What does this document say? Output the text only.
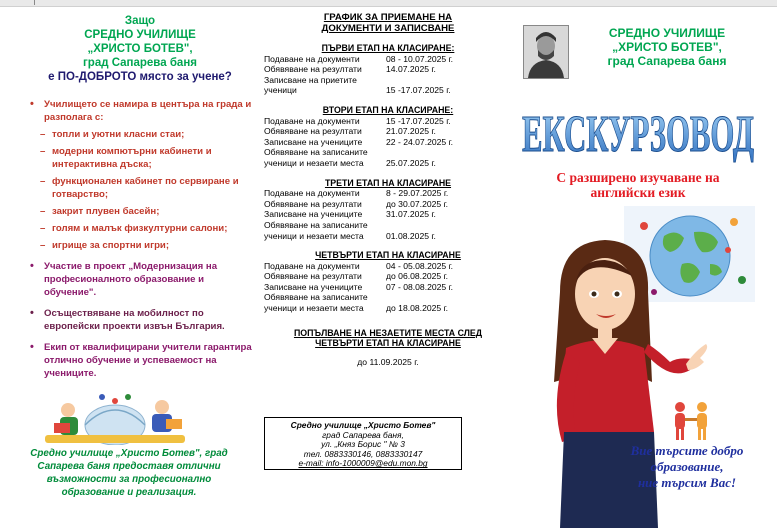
Защо
СРЕДНО УЧИЛИЩЕ
„ХРИСТО БОТЕВ",
град Сапарева баня
е ПО-ДОБРОТО място за учене?
• Училището се намира в центъра на града и разполага с:
– топли и уютни класни стаи;
– модерни компютърни кабинети и интерактивна дъска;
– функционален кабинет по сервиране и готварство;
– закрит плувен басейн;
– голям и малък физкултурни салони;
– игрище за спортни игри;
• Участие в проект „Модернизация на професионалното образование и обучение".
• Осъществяване на мобилност по европейски проекти извън България.
• Екип от квалифицирани учители гарантира отлично обучение и успеваемост на учениците.
Средно училище „Христо Ботев", град Сапарева баня предоставя отлични възможности за професионално образование и реализация.
ГРАФИК ЗА ПРИЕМАНЕ НА
ДОКУМЕНТИ И ЗАПИСВАНЕ
ПЪРВИ ЕТАП НА КЛАСИРАНЕ:
Подаване на документи	08 - 10.07.2025 г.
Обявяване на резултати	14.07.2025 г.
Записване на приетите
ученици	15 -17.07.2025 г.
ВТОРИ ЕТАП НА КЛАСИРАНЕ:
Подаване на документи	15 -17.07.2025 г.
Обявяване на резултати	21.07.2025 г.
Записване на учениците	22 - 24.07.2025 г.
Обявяване на записаните
ученици и незаети места	25.07.2025 г.
ТРЕТИ ЕТАП НА КЛАСИРАНЕ
Подаване на документи	8 - 29.07.2025 г.
Обявяване на резултати	до 30.07.2025 г.
Записване на учениците	31.07.2025 г.
Обявяване на записаните
ученици и незаети места	01.08.2025 г.
ЧЕТВЪРТИ ЕТАП НА КЛАСИРАНЕ
Подаване на документи	04 - 05.08.2025 г.
Обявяване на резултати	до 06.08.2025 г.
Записване на учениците	07 - 08.08.2025 г.
Обявяване на записаните
ученици и незаети места	до 18.08.2025 г.
ПОПЪЛВАНЕ НА НЕЗАЕТИТЕ МЕСТА СЛЕД
ЧЕТВЪРТИ ЕТАП НА КЛАСИРАНЕ
до 11.09.2025 г.
Средно училище „Христо Ботев"
град Сапарева баня,
ул. „Княз Борис " № 3
тел. 0883330146, 0883330147
e-mail: info-1000009@edu.mon.bg
СРЕДНО УЧИЛИЩЕ
„ХРИСТО БОТЕВ",
град Сапарева баня
ЕКСКУРЗОВОД
С разширено изучаване на
английски език
Вие търсите добро
образование,
ние търсим Вас!
